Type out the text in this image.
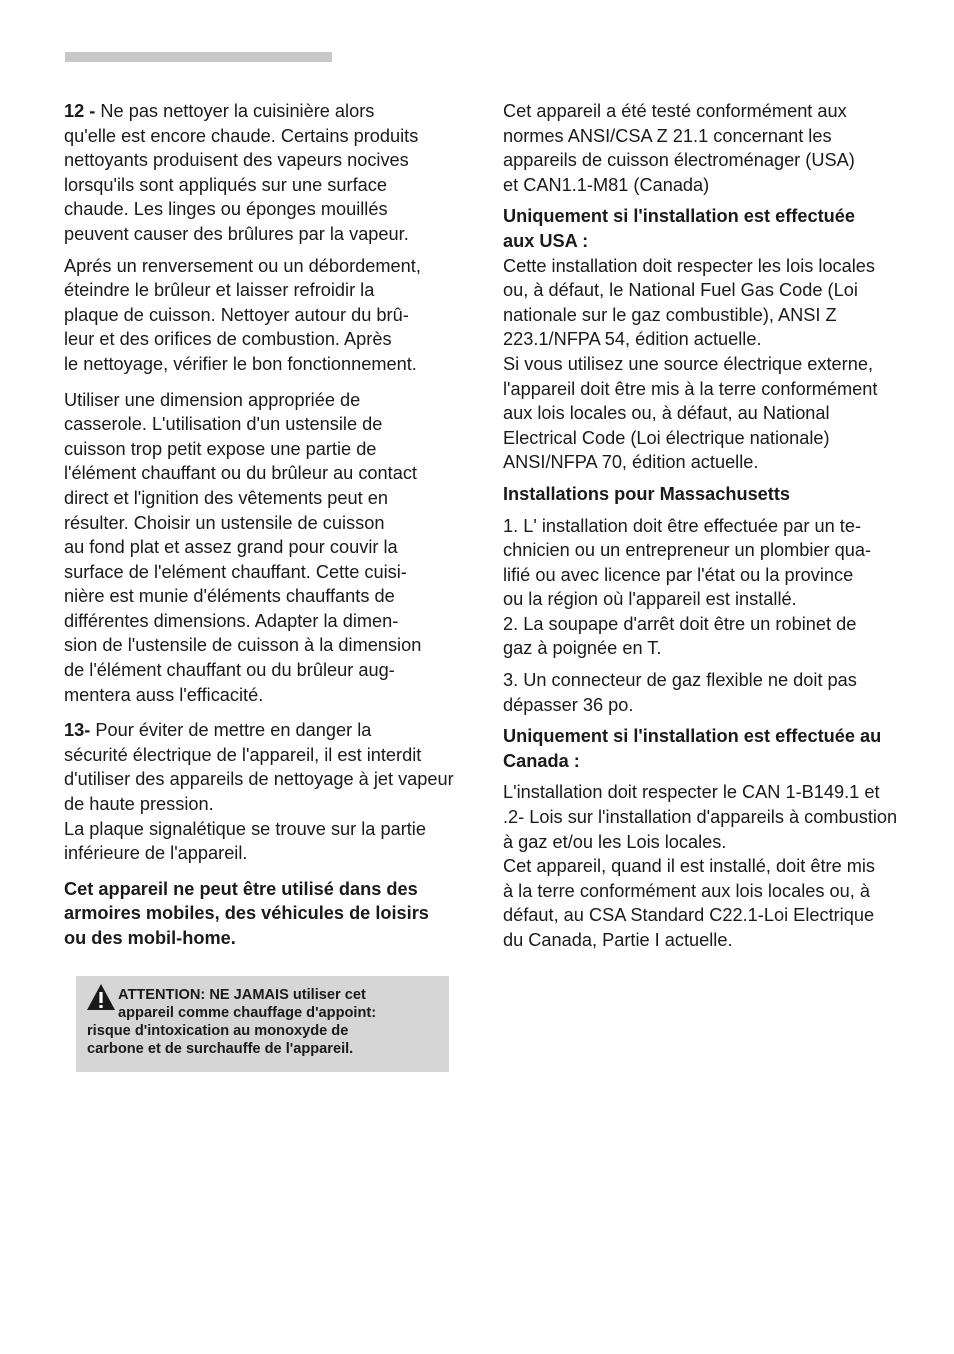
12 - Ne pas nettoyer la cuisinière alors
qu'elle est encore chaude. Certains produits
nettoyants produisent des vapeurs nocives
lorsqu'ils sont appliqués sur une surface
chaude. Les linges ou éponges mouillés
peuvent causer des brûlures par la vapeur.

Aprés un renversement ou un débordement,
éteindre le brûleur et laisser refroidir la
plaque de cuisson. Nettoyer autour du brû-
leur et des orifices de combustion. Après
le nettoyage, vérifier le bon fonctionnement.

Utiliser une dimension appropriée de
casserole. L'utilisation d'un ustensile de
cuisson trop petit expose une partie de
l'élément chauffant ou du brûleur au contact
direct et l'ignition des vêtements peut en
résulter. Choisir un ustensile de cuisson
au fond plat et assez grand pour couvir la
surface de l'elément chauffant. Cette cuisi-
nière est munie d'éléments chauffants de
différentes dimensions. Adapter la dimen-
sion de l'ustensile de cuisson à la dimension
de l'élément chauffant ou du brûleur aug-
mentera auss l'efficacité.

13- Pour éviter de mettre en danger la
sécurité électrique de l'appareil, il est interdit
d'utiliser des appareils de nettoyage à jet vapeur
de haute pression.
La plaque signalétique se trouve sur la partie
inférieure de l'appareil.

Cet appareil ne peut être utilisé dans des
armoires mobiles, des véhicules de loisirs
ou des mobil-home.

ATTENTION: NE JAMAIS utiliser cet
appareil comme chauffage d'appoint:
risque d'intoxication au monoxyde de
carbone et de surchauffe de l'appareil.

Cet appareil a été testé conformément aux
normes ANSI/CSA Z 21.1 concernant les
appareils de cuisson électroménager (USA)
et CAN1.1-M81 (Canada)

Uniquement si l'installation est effectuée
aux USA :

Cette installation doit respecter les lois locales
ou, à défaut, le National Fuel Gas Code (Loi
nationale sur le gaz combustible), ANSI Z
223.1/NFPA 54, édition actuelle.
Si vous utilisez une source électrique externe,
l'appareil doit être mis à la terre conformément
aux lois locales ou, à défaut, au National
Electrical Code (Loi électrique nationale)
ANSI/NFPA 70, édition actuelle.

Installations pour Massachusetts

1. L' installation doit être effectuée par un te-
chnicien ou un entrepreneur un plombier qua-
lifié ou avec licence par l'état ou la province
ou la région où l'appareil est installé.

2. La soupape d'arrêt doit être un robinet de
gaz à poignée en T.

3. Un connecteur de gaz flexible ne doit pas
dépasser 36 po.

Uniquement si l'installation est effectuée au
Canada :

L'installation doit respecter le CAN 1-B149.1 et
.2- Lois sur l'installation d'appareils à combustion
à gaz et/ou les Lois locales.
Cet appareil, quand il est installé, doit être mis
à la terre conformément aux lois locales ou, à
défaut, au CSA Standard C22.1-Loi Electrique
du Canada, Partie I actuelle.
